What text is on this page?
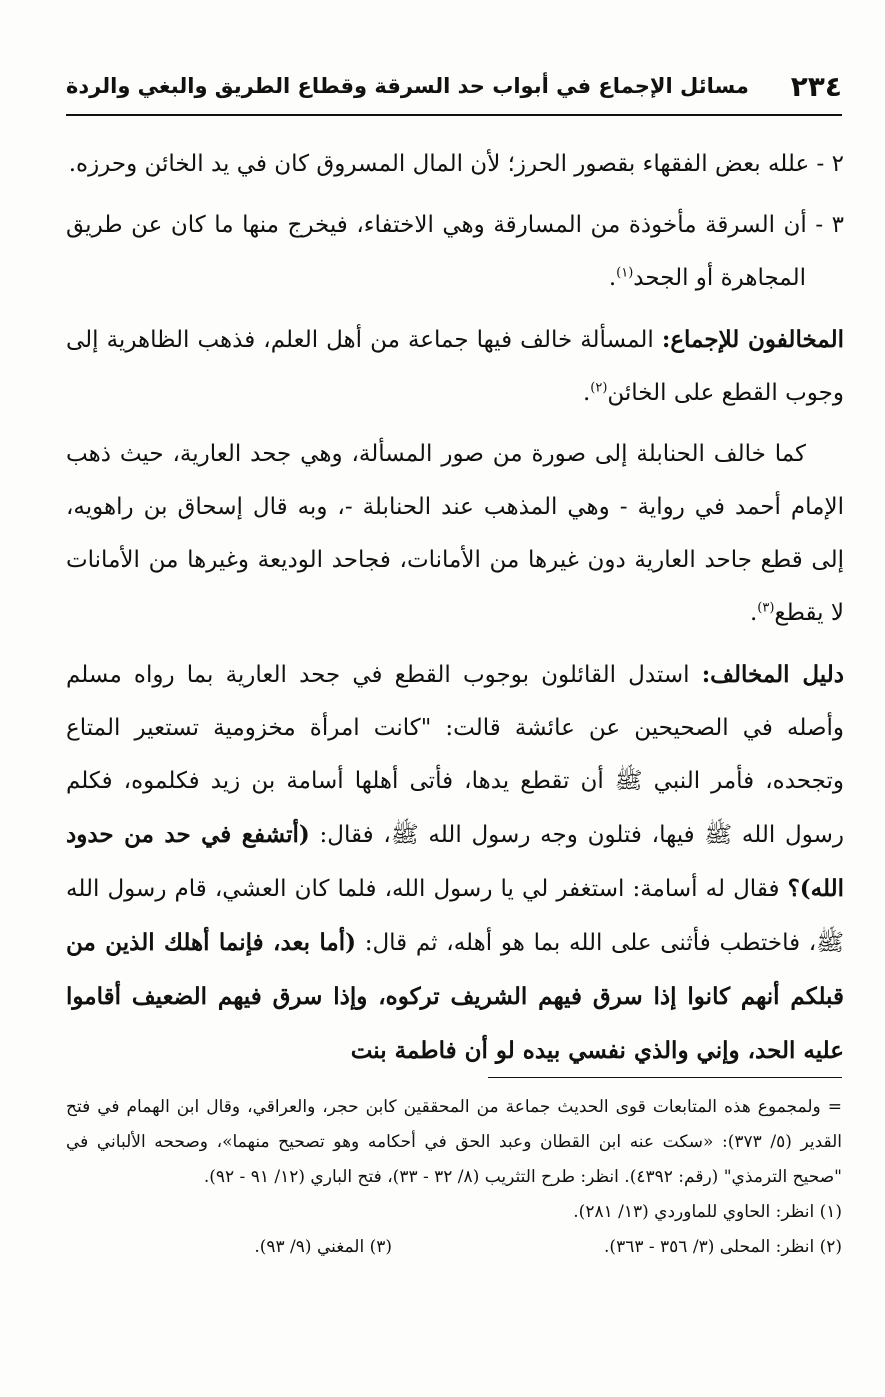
٢٣٤
مسائل الإجماع في أبواب حد السرقة وقطاع الطريق والبغي والردة

٢ - علله بعض الفقهاء بقصور الحرز؛ لأن المال المسروق كان في يد الخائن وحرزه.

٣ - أن السرقة مأخوذة من المسارقة وهي الاختفاء، فيخرج منها ما كان عن طريق المجاهرة أو الجحد$^{(١)}$.

المخالفون للإجماع: المسألة خالف فيها جماعة من أهل العلم، فذهب الظاهرية إلى وجوب القطع على الخائن$^{(٢)}$.

كما خالف الحنابلة إلى صورة من صور المسألة، وهي جحد العارية، حيث ذهب الإمام أحمد في رواية - وهي المذهب عند الحنابلة -، وبه قال إسحاق بن راهويه، إلى قطع جاحد العارية دون غيرها من الأمانات، فجاحد الوديعة وغيرها من الأمانات لا يقطع$^{(٣)}$.

دليل المخالف: استدل القائلون بوجوب القطع في جحد العارية بما رواه مسلم وأصله في الصحيحين عن عائشة قالت: "كانت امرأة مخزومية تستعير المتاع وتجحده، فأمر النبي ﷺ أن تقطع يدها، فأتى أهلها أسامة بن زيد فكلموه، فكلم رسول الله ﷺ فيها، فتلون وجه رسول الله ﷺ، فقال: (أتشفع في حد من حدود الله)؟ فقال له أسامة: استغفر لي يا رسول الله، فلما كان العشي، قام رسول الله ﷺ، فاختطب فأثنى على الله بما هو أهله، ثم قال: (أما بعد، فإنما أهلك الذين من قبلكم أنهم كانوا إذا سرق فيهم الشريف تركوه، وإذا سرق فيهم الضعيف أقاموا عليه الحد، وإني والذي نفسي بيده لو أن فاطمة بنت

= ولمجموع هذه المتابعات قوى الحديث جماعة من المحققين كابن حجر، والعراقي، وقال ابن الهمام في فتح القدير (٥/ ٣٧٣): «سكت عنه ابن القطان وعبد الحق في أحكامه وهو تصحيح منهما»، وصححه الألباني في "صحيح الترمذي" (رقم: ٤٣٩٢). انظر: طرح التثريب (٨/ ٣٢ - ٣٣)، فتح الباري (١٢/ ٩١ - ٩٢).

(١) انظر: الحاوي للماوردي (١٣/ ٢٨١).

(٢) انظر: المحلى (٣/ ٣٥٦ - ٣٦٣).
(٣) المغني (٩/ ٩٣).
